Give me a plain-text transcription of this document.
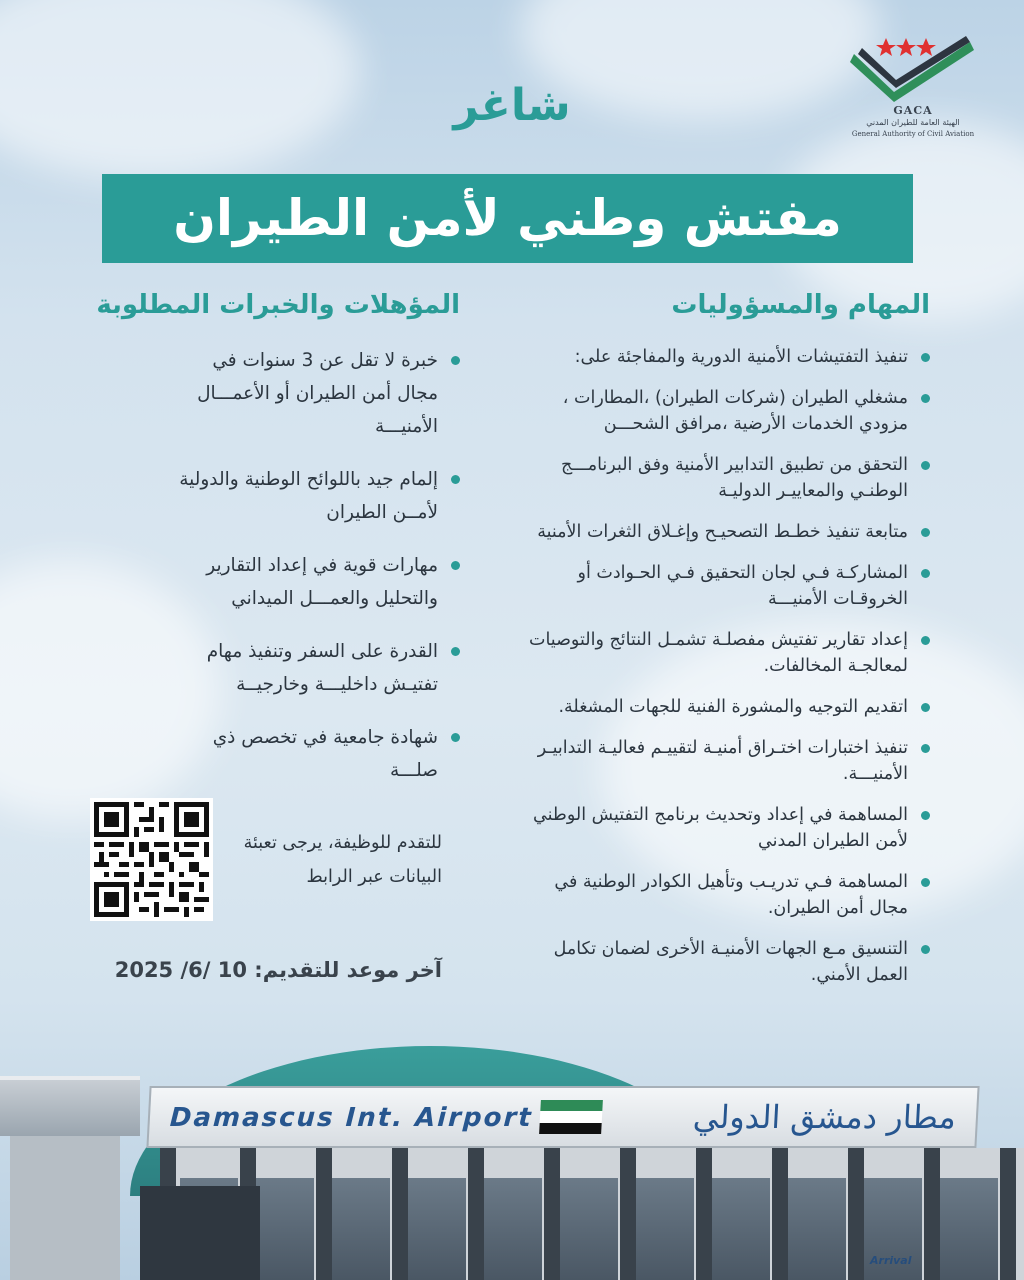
GACA
الهيئة العامة للطيران المدني
General Authority of Civil Aviation
شاغر
مفتش وطني لأمن الطيران
المهام والمسؤوليات
تنفيذ التفتيشات الأمنية الدورية والمفاجئة على:
مشغلي الطيران (شركات الطيران) ،المطارات ، مزودي الخدمات الأرضية ،مرافق الشحـــن
التحقق من تطبيق التدابير الأمنية وفق البرنامـــج الوطنـي والمعاييـر الدوليـة
متابعة تنفيذ خطـط التصحيـح وإغـلاق الثغرات الأمنية
المشاركـة فـي لجان التحقيق فـي الحـوادث أو الخروقـات الأمنيـــة
إعداد تقارير تفتيش مفصلـة تشمـل النتائج والتوصيات لمعالجـة المخالفات.
اتقديم التوجيه والمشورة الفنية للجهات المشغلة.
تنفيذ اختبارات اختـراق أمنيـة لتقييـم فعاليـة التدابيـر الأمنيـــة.
المساهمة في إعداد وتحديث برنامج التفتيش الوطني لأمن الطيران المدني
المساهمة فـي تدريـب وتأهيل الكوادر الوطنية في مجال أمن الطيران.
التنسيق مـع الجهات الأمنيـة الأخرى لضمان تكامل العمل الأمني.
المؤهلات والخبرات المطلوبة
خبرة لا تقل عن 3 سنوات في مجال أمن الطيران أو الأعمـــال الأمنيـــة
إلمام جيد باللوائح الوطنية والدولية لأمــن الطيران
مهارات قوية في إعداد التقارير والتحليل والعمـــل الميداني
القدرة على السفر وتنفيذ مهام تفتيـش داخليـــة وخارجيــة
شهادة جامعية في تخصص ذي صلـــة
للتقدم للوظيفة، يرجى تعبئة البيانات عبر الرابط
آخر موعد للتقديم: 10 /6/ 2025
Damascus Int. Airport	مطار دمشق الدولي
Arrival
